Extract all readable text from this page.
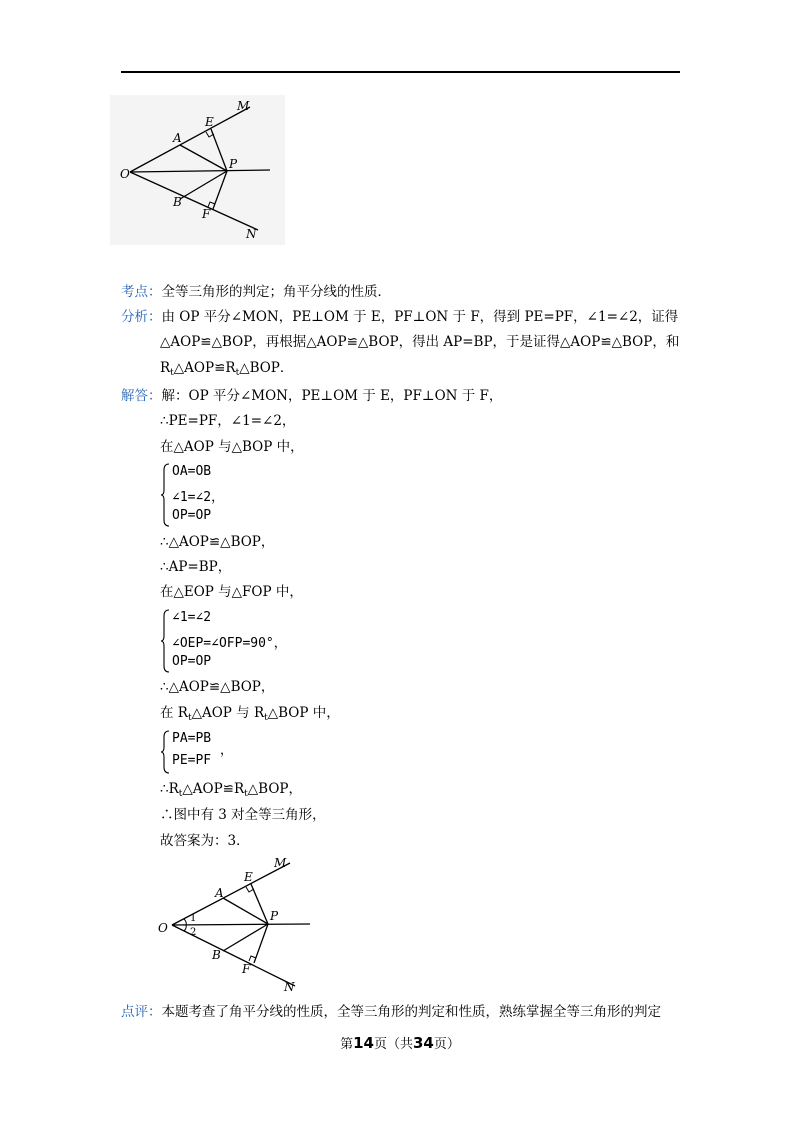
O
A
E
M
P
B
F
N
考点：全等三角形的判定；角平分线的性质．
分析：由 OP 平分∠MON，PE⊥OM 于 E，PF⊥ON 于 F，得到 PE=PF，∠1=∠2，证得
△AOP≌△BOP，再根据△AOP≌△BOP，得出 AP=BP，于是证得△AOP≌△BOP，和
$R_t\triangle AOP≌R_t\triangle BOP$．
解答：解：OP 平分∠MON，PE⊥OM 于 E，PF⊥ON 于 F，
∴PE=PF，∠1=∠2，
在△AOP 与△BOP 中，
OA=OB
∠1=∠2，
OP=OP
∴△AOP≌△BOP，
∴AP=BP，
在△EOP 与△FOP 中，
∠1=∠2
∠OEP=∠OFP=90°，
OP=OP
∴△AOP≌△BOP，
在 $R_t\triangle AOP$ 与 $R_t\triangle BOP$ 中，
PA=PB
PE=PF
，
$\therefore R_t\triangle AOP≌R_t\triangle BOP$，
∴图中有 3 对全等三角形，
故答案为：3．
O
A
E
M
P
B
F
N
1
2
点评：本题考查了角平分线的性质，全等三角形的判定和性质，熟练掌握全等三角形的判定
第14页（共34页）
